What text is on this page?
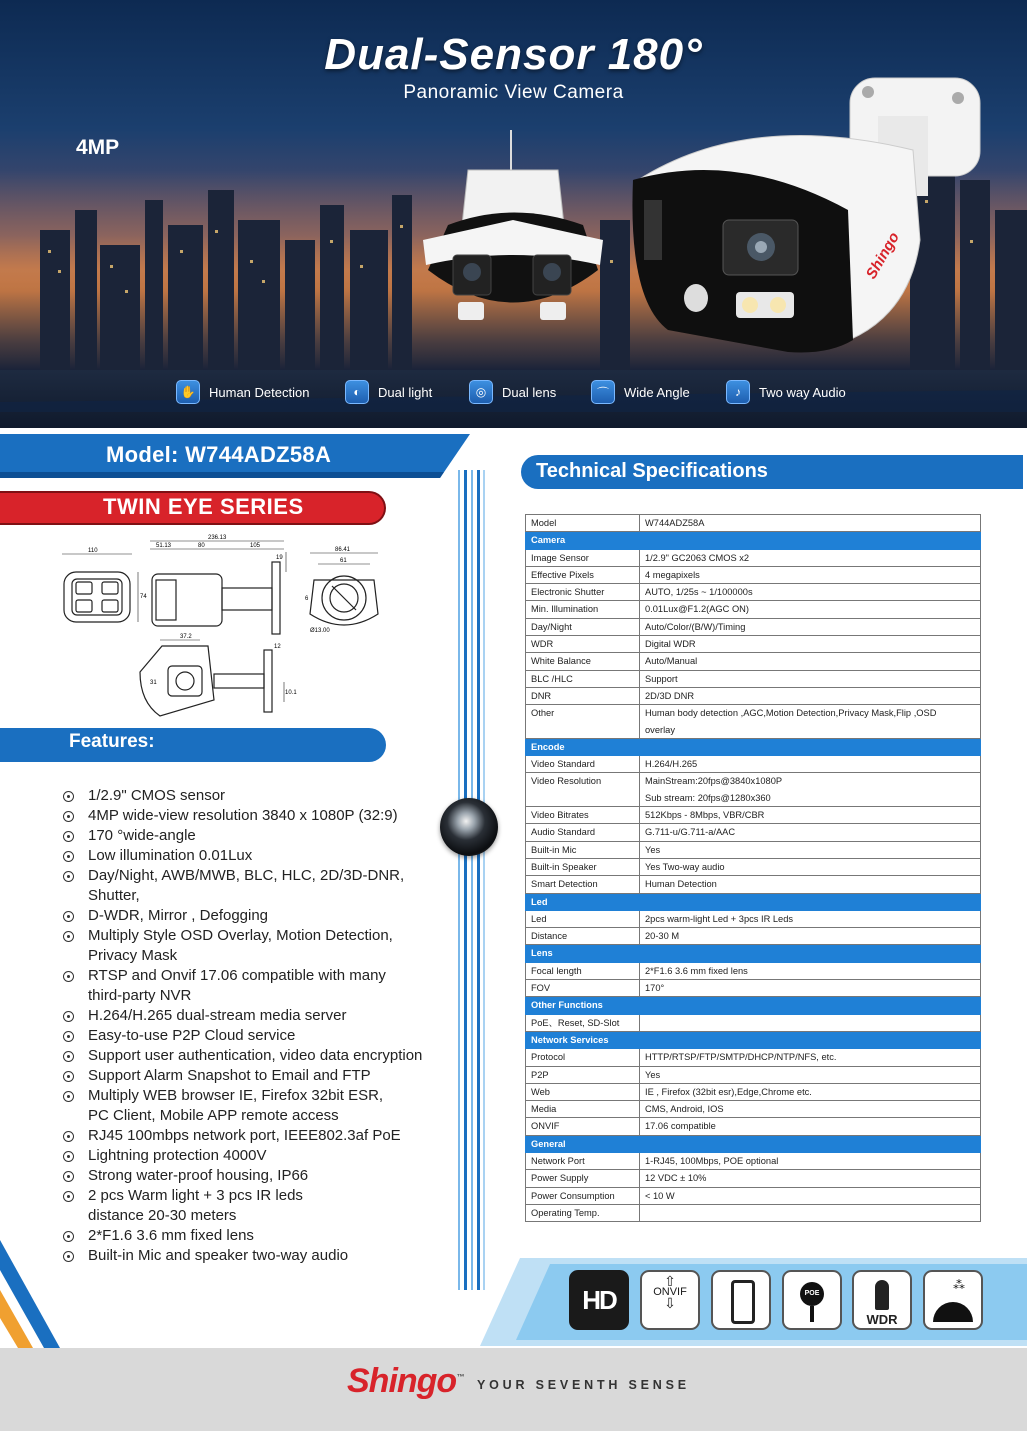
Dual-Sensor 180°
Panoramic View Camera
4MP
Shingo
✋	Human Detection	◐	Dual light	◎	Dual lens	⌒	Wide Angle	♪	Two way Audio
Model: W744ADZ58A
TWIN EYE SERIES
110
74
236.13
51.13	80	105
19
86.41
61
6
Ø13.00
37.2
12
31
10.1
Features:
1/2.9" CMOS sensor
4MP wide-view resolution 3840 x 1080P (32:9)
170 °wide-angle
Low illumination 0.01Lux
Day/Night, AWB/MWB, BLC, HLC, 2D/3D-DNR,
Shutter,
D-WDR, Mirror , Defogging
Multiply Style OSD Overlay, Motion Detection,
Privacy Mask
RTSP and Onvif 17.06 compatible with many
third-party NVR
H.264/H.265 dual-stream media server
Easy-to-use P2P Cloud service
Support user authentication, video data encryption
Support Alarm Snapshot to Email and FTP
Multiply WEB browser IE, Firefox 32bit ESR,
PC Client, Mobile APP remote access
RJ45 100mbps network port, IEEE802.3af PoE
Lightning protection 4000V
Strong water-proof housing, IP66
2 pcs Warm light + 3 pcs IR leds
distance 20-30 meters
2*F1.6 3.6 mm fixed lens
Built-in Mic and speaker two-way audio
Technical Specifications
Model	W744ADZ58A

Camera	
Image Sensor	1/2.9" GC2063 CMOS x2

Effective Pixels	4 megapixels

Electronic Shutter	AUTO, 1/25s ~ 1/100000s

Min. Illumination	0.01Lux@F1.2(AGC ON)

Day/Night	Auto/Color/(B/W)/Timing

WDR	Digital WDR

White Balance	Auto/Manual

BLC /HLC	Support

DNR	2D/3D DNR

Other	Human body detection ,AGC,Motion Detection,Privacy Mask,Flip ,OSD
overlay

Encode	
Video Standard	H.264/H.265

Video Resolution	MainStream:20fps@3840x1080P
Sub stream: 20fps@1280x360

Video Bitrates	512Kbps - 8Mbps, VBR/CBR

Audio Standard	G.711-u/G.711-a/AAC

Built-in Mic	Yes

Built-in Speaker	Yes Two-way audio

Smart Detection	Human Detection

Led	
Led	2pcs warm-light Led + 3pcs IR Leds

Distance	20-30 M

Lens	
Focal length	2*F1.6 3.6 mm fixed lens

FOV	170°

Other Functions	
PoE、Reset, SD-Slot	

Network Services	
Protocol	HTTP/RTSP/FTP/SMTP/DHCP/NTP/NFS, etc.

P2P	Yes

Web	IE , Firefox (32bit esr),Edge,Chrome etc.

Media	CMS, Android, IOS

ONVIF	17.06 compatible

General	
Network Port	1-RJ45, 100Mbps, POE optional

Power Supply	12 VDC ± 10%

Power Consumption	< 10 W

Operating Temp.	
HD
⇧
ONVIF
⇩
POE
WDR
⁂
Shingo™
YOUR SEVENTH SENSE
